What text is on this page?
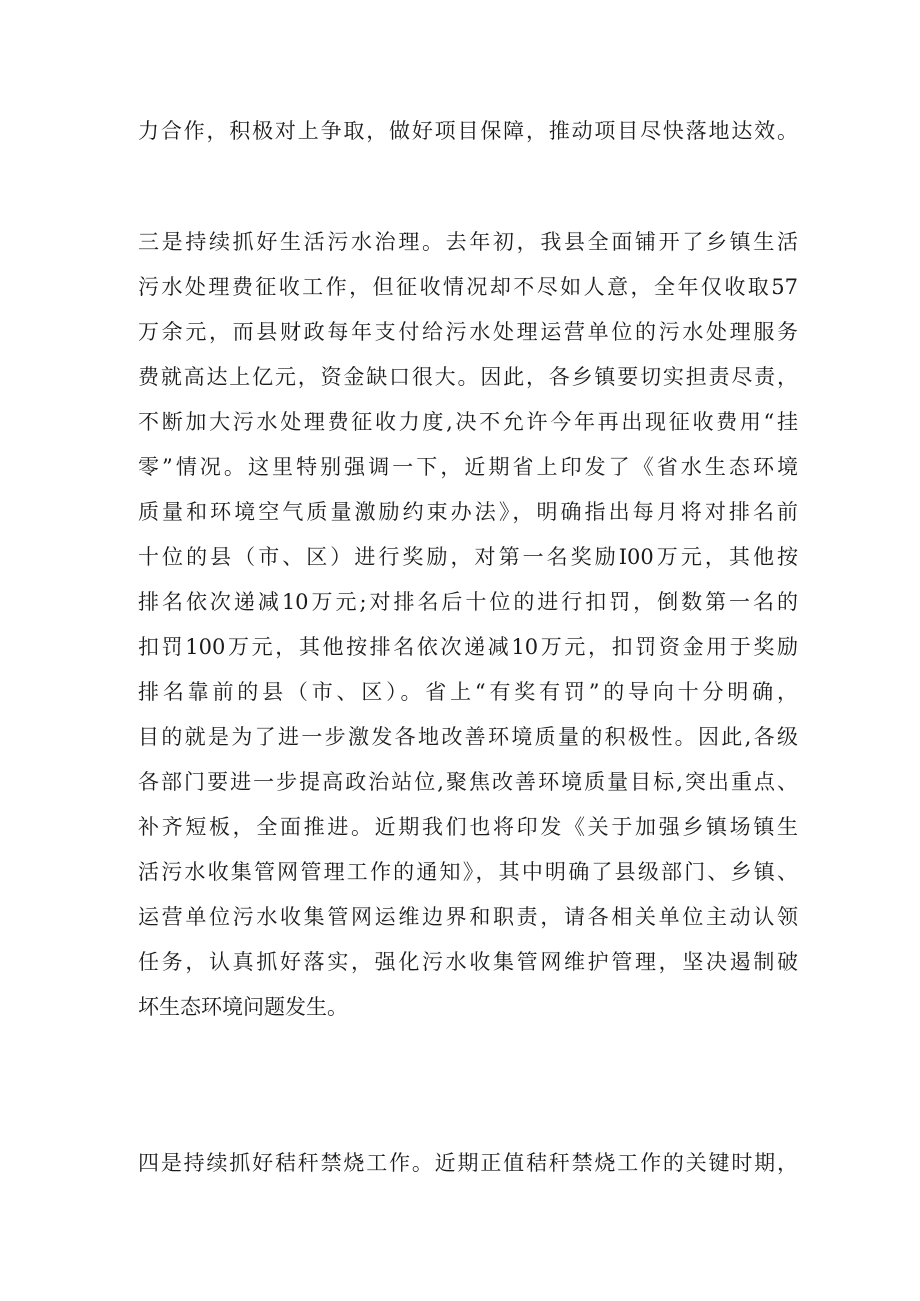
力合作，积极对上争取，做好项目保障，推动项目尽快落地达效。
三是持续抓好生活污水治理。去年初，我县全面铺开了乡镇生活
污水处理费征收工作，但征收情况却不尽如人意，全年仅收取57
万余元，而县财政每年支付给污水处理运营单位的污水处理服务
费就高达上亿元，资金缺口很大。因此，各乡镇要切实担责尽责，
不断加大污水处理费征收力度,决不允许今年再出现征收费用“挂
零”情况。这里特别强调一下，近期省上印发了《省水生态环境
质量和环境空气质量激励约束办法》，明确指出每月将对排名前
十位的县（市、区）进行奖励，对第一名奖励I00万元，其他按
排名依次递减10万元;对排名后十位的进行扣罚，倒数第一名的
扣罚100万元，其他按排名依次递减10万元，扣罚资金用于奖励
排名靠前的县（市、区）。省上“有奖有罚”的导向十分明确，
目的就是为了进一步激发各地改善环境质量的积极性。因此,各级
各部门要进一步提高政治站位,聚焦改善环境质量目标,突出重点、
补齐短板，全面推进。近期我们也将印发《关于加强乡镇场镇生
活污水收集管网管理工作的通知》，其中明确了县级部门、乡镇、
运营单位污水收集管网运维边界和职责，请各相关单位主动认领
任务，认真抓好落实，强化污水收集管网维护管理，坚决遏制破
坏生态环境问题发生。
四是持续抓好秸秆禁烧工作。近期正值秸秆禁烧工作的关键时期，
